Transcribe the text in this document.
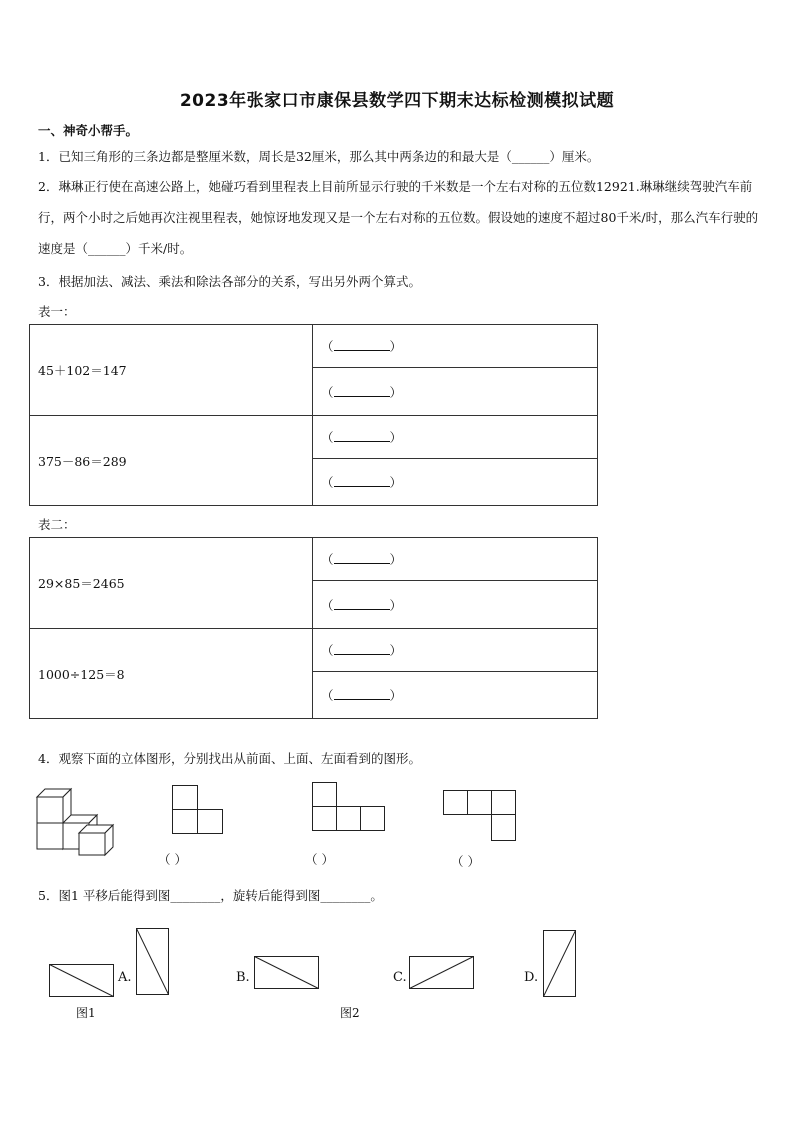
2023年张家口市康保县数学四下期末达标检测模拟试题
一、神奇小帮手。
1．已知三角形的三条边都是整厘米数，周长是32厘米，那么其中两条边的和最大是（______）厘米。
2．琳琳正行使在高速公路上，她碰巧看到里程表上目前所显示行驶的千米数是一个左右对称的五位数12921.琳琳继续驾驶汽车前行，两个小时之后她再次注视里程表，她惊讶地发现又是一个左右对称的五位数。假设她的速度不超过80千米/时，那么汽车行驶的速度是（______）千米/时。
3．根据加法、减法、乘法和除法各部分的关系，写出另外两个算式。
表一：
45＋102＝147	（ ）
	（ ）
375－86＝289	（ ）
	（ ）
表二：
29×85＝2465	（ ）
	（ ）
1000÷125＝8	（ ）
	（ ）
4．观察下面的立体图形，分别找出从前面、上面、左面看到的图形。
（ ）	（ ）	（ ）
5．图1 平移后能得到图________，旋转后能得到图________。
图1
A.	B.
图2
C.	D.
